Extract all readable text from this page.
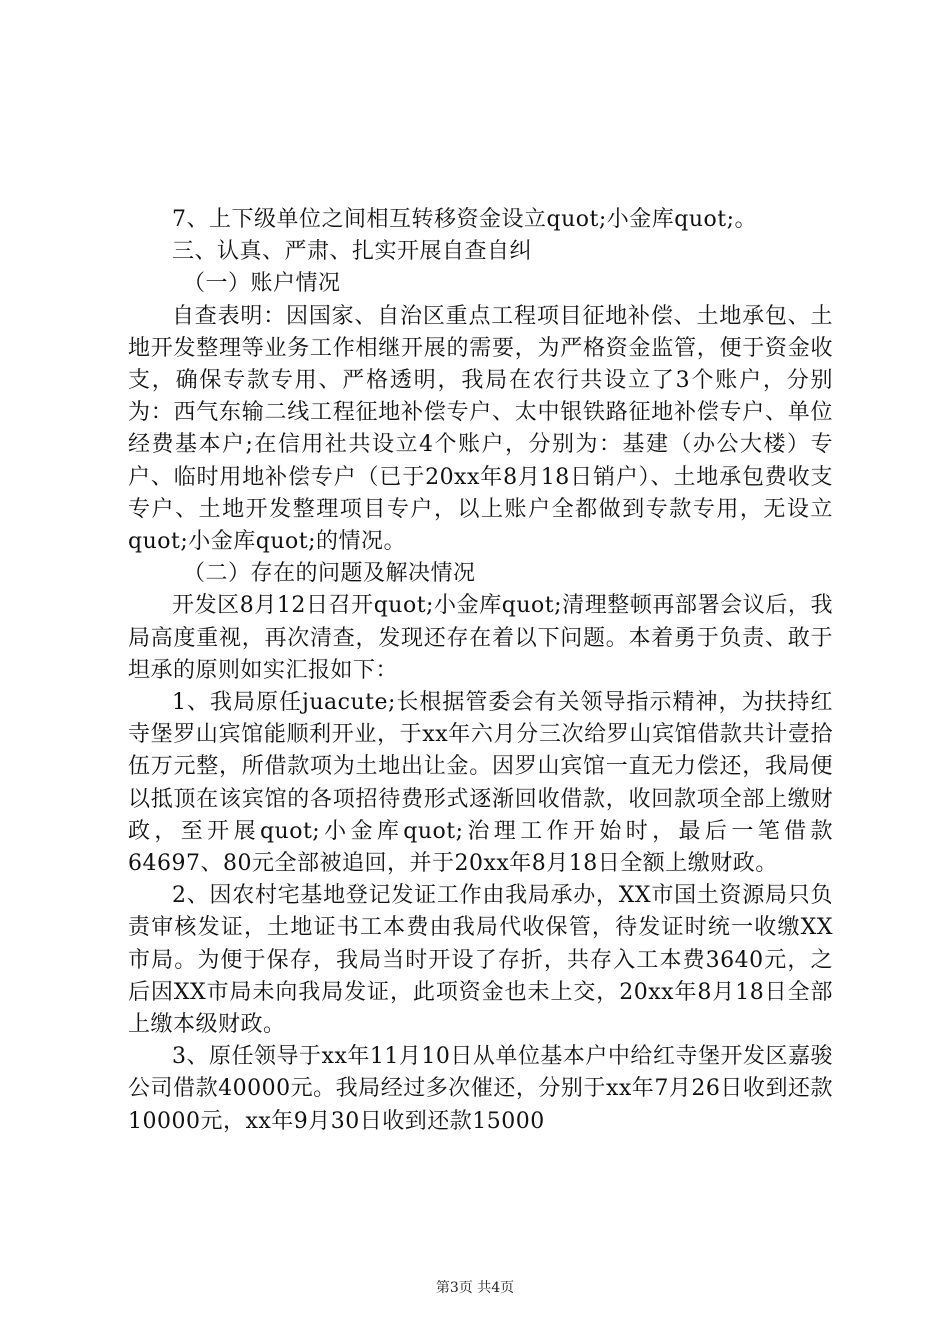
7、上下级单位之间相互转移资金设立quot;小金库quot;。

三、认真、严肃、扎实开展自查自纠

（一）账户情况

自查表明：因国家、自治区重点工程项目征地补偿、土地承包、土地开发整理等业务工作相继开展的需要，为严格资金监管，便于资金收支，确保专款专用、严格透明，我局在农行共设立了3个账户，分别为：西气东输二线工程征地补偿专户、太中银铁路征地补偿专户、单位经费基本户;在信用社共设立4个账户，分别为：基建（办公大楼）专户、临时用地补偿专户（已于20xx年8月18日销户）、土地承包费收支专户、土地开发整理项目专户，以上账户全都做到专款专用，无设立quot;小金库quot;的情况。

（二）存在的问题及解决情况

开发区8月12日召开quot;小金库quot;清理整顿再部署会议后，我局高度重视，再次清查，发现还存在着以下问题。本着勇于负责、敢于坦承的原则如实汇报如下：

1、我局原任juacute;长根据管委会有关领导指示精神，为扶持红寺堡罗山宾馆能顺利开业，于xx年六月分三次给罗山宾馆借款共计壹拾伍万元整，所借款项为土地出让金。因罗山宾馆一直无力偿还，我局便以抵顶在该宾馆的各项招待费形式逐渐回收借款，收回款项全部上缴财政，至开展quot;小金库quot;治理工作开始时，最后一笔借款64697、80元全部被追回，并于20xx年8月18日全额上缴财政。

2、因农村宅基地登记发证工作由我局承办，XX市国土资源局只负责审核发证，土地证书工本费由我局代收保管，待发证时统一收缴XX市局。为便于保存，我局当时开设了存折，共存入工本费3640元，之后因XX市局未向我局发证，此项资金也未上交，20xx年8月18日全部上缴本级财政。

3、原任领导于xx年11月10日从单位基本户中给红寺堡开发区嘉骏公司借款40000元。我局经过多次催还，分别于xx年7月26日收到还款10000元，xx年9月30日收到还款15000

第3页 共4页
